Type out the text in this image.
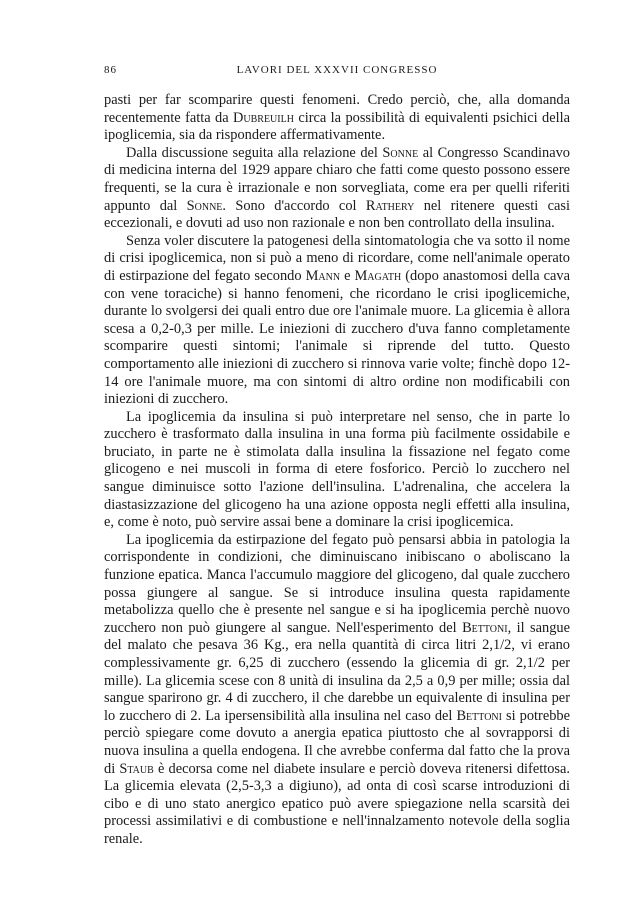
86	LAVORI DEL XXXVII CONGRESSO

pasti per far scomparire questi fenomeni. Credo perciò, che, alla domanda recentemente fatta da Dubreuilh circa la possibilità di equivalenti psichici della ipoglicemia, sia da rispondere affermativamente.

Dalla discussione seguita alla relazione del Sonne al Congresso Scandinavo di medicina interna del 1929 appare chiaro che fatti come questo possono essere frequenti, se la cura è irrazionale e non sorvegliata, come era per quelli riferiti appunto dal Sonne. Sono d'accordo col Rathery nel ritenere questi casi eccezionali, e dovuti ad uso non razionale e non ben controllato della insulina.

Senza voler discutere la patogenesi della sintomatologia che va sotto il nome di crisi ipoglicemica, non si può a meno di ricordare, come nell'animale operato di estirpazione del fegato secondo Mann e Magath (dopo anastomosi della cava con vene toraciche) si hanno fenomeni, che ricordano le crisi ipoglicemiche, durante lo svolgersi dei quali entro due ore l'animale muore. La glicemia è allora scesa a 0,2-0,3 per mille. Le iniezioni di zucchero d'uva fanno completamente scomparire questi sintomi; l'animale si riprende del tutto. Questo comportamento alle iniezioni di zucchero si rinnova varie volte; finchè dopo 12-14 ore l'animale muore, ma con sintomi di altro ordine non modificabili con iniezioni di zucchero.

La ipoglicemia da insulina si può interpretare nel senso, che in parte lo zucchero è trasformato dalla insulina in una forma più facilmente ossidabile e bruciato, in parte ne è stimolata dalla insulina la fissazione nel fegato come glicogeno e nei muscoli in forma di etere fosforico. Perciò lo zucchero nel sangue diminuisce sotto l'azione dell'insulina. L'adrenalina, che accelera la diastasizzazione del glicogeno ha una azione opposta negli effetti alla insulina, e, come è noto, può servire assai bene a dominare la crisi ipoglicemica.

La ipoglicemia da estirpazione del fegato può pensarsi abbia in patologia la corrispondente in condizioni, che diminuiscano inibiscano o aboliscano la funzione epatica. Manca l'accumulo maggiore del glicogeno, dal quale zucchero possa giungere al sangue. Se si introduce insulina questa rapidamente metabolizza quello che è presente nel sangue e si ha ipoglicemia perchè nuovo zucchero non può giungere al sangue. Nell'esperimento del Bettoni, il sangue del malato che pesava 36 Kg., era nella quantità di circa litri 2,1/2, vi erano complessivamente gr. 6,25 di zucchero (essendo la glicemia di gr. 2,1/2 per mille). La glicemia scese con 8 unità di insulina da 2,5 a 0,9 per mille; ossia dal sangue sparirono gr. 4 di zucchero, il che darebbe un equivalente di insulina per lo zucchero di 2. La ipersensibilità alla insulina nel caso del Bettoni si potrebbe perciò spiegare come dovuto a anergia epatica piuttosto che al sovrapporsi di nuova insulina a quella endogena. Il che avrebbe conferma dal fatto che la prova di Staub è decorsa come nel diabete insulare e perciò doveva ritenersi difettosa. La glicemia elevata (2,5-3,3 a digiuno), ad onta di così scarse introduzioni di cibo e di uno stato anergico epatico può avere spiegazione nella scarsità dei processi assimilativi e di combustione e nell'innalzamento notevole della soglia renale.
